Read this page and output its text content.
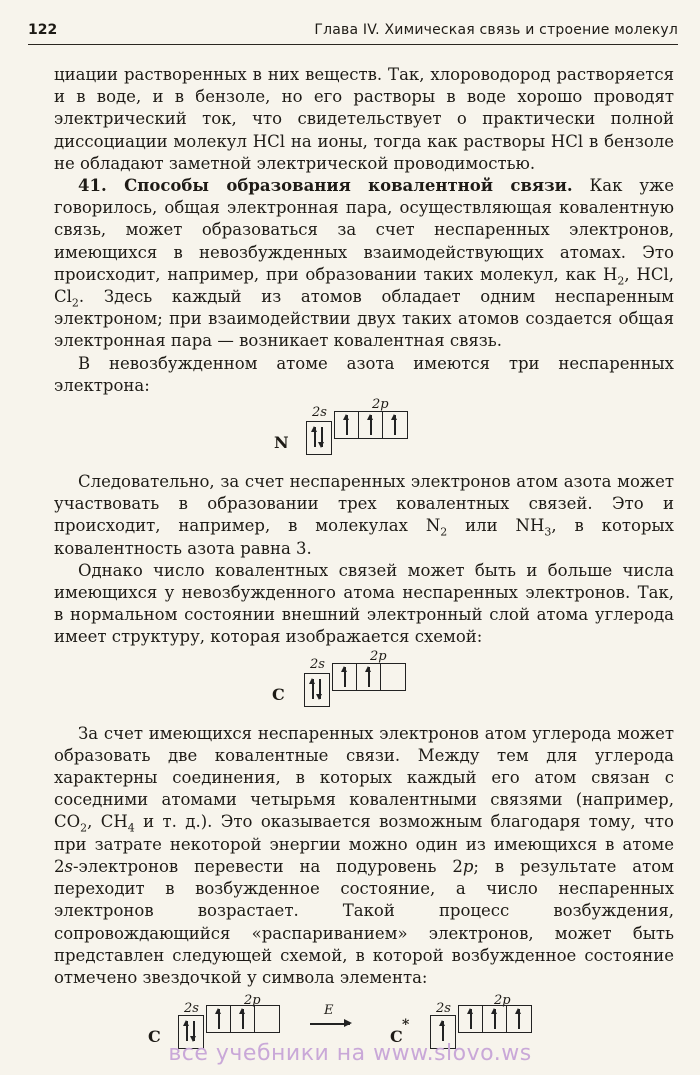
122	Глава IV. Химическая связь и строение молекул

циации растворенных в них веществ. Так, хлороводород растворяется и в воде, и в бензоле, но его растворы в воде хорошо проводят электрический ток, что свидетельствует о практически полной диссоциации молекул HCl на ионы, тогда как растворы HCl в бензоле не обладают заметной электрической проводимостью.

41. Способы образования ковалентной связи. Как уже говорилось, общая электронная пара, осуществляющая ковалентную связь, может образоваться за счет неспаренных электронов, имеющихся в невозбужденных взаимодействующих атомах. Это происходит, например, при образовании таких молекул, как $H_2$, HCl, $Cl_2$. Здесь каждый из атомов обладает одним неспаренным электроном; при взаимодействии двух таких атомов создается общая электронная пара — возникает ковалентная связь.

В невозбужденном атоме азота имеются три неспаренных электрона:

N
2s
2p

Следовательно, за счет неспаренных электронов атом азота может участвовать в образовании трех ковалентных связей. Это и происходит, например, в молекулах $N_2$ или $NH_3$, в которых ковалентность азота равна 3.

Однако число ковалентных связей может быть и больше числа имеющихся у невозбужденного атома неспаренных электронов. Так, в нормальном состоянии внешний электронный слой атома углерода имеет структуру, которая изображается схемой:

C
2s
2p

За счет имеющихся неспаренных электронов атом углерода может образовать две ковалентные связи. Между тем для углерода характерны соединения, в которых каждый его атом связан с соседними атомами четырьмя ковалентными связями (например, $CO_2$, $CH_4$ и т. д.). Это оказывается возможным благодаря тому, что при затрате некоторой энергии можно один из имеющихся в атоме 2s-электронов перевести на подуровень 2p; в результате атом переходит в возбужденное состояние, а число неспаренных электронов возрастает. Такой процесс возбуждения, сопровождающийся «распариванием» электронов, может быть представлен следующей схемой, в которой возбужденное состояние отмечено звездочкой у символа элемента:

C
2s
2p
E
C
*
2s
2p
все учебники на www.slovo.ws
